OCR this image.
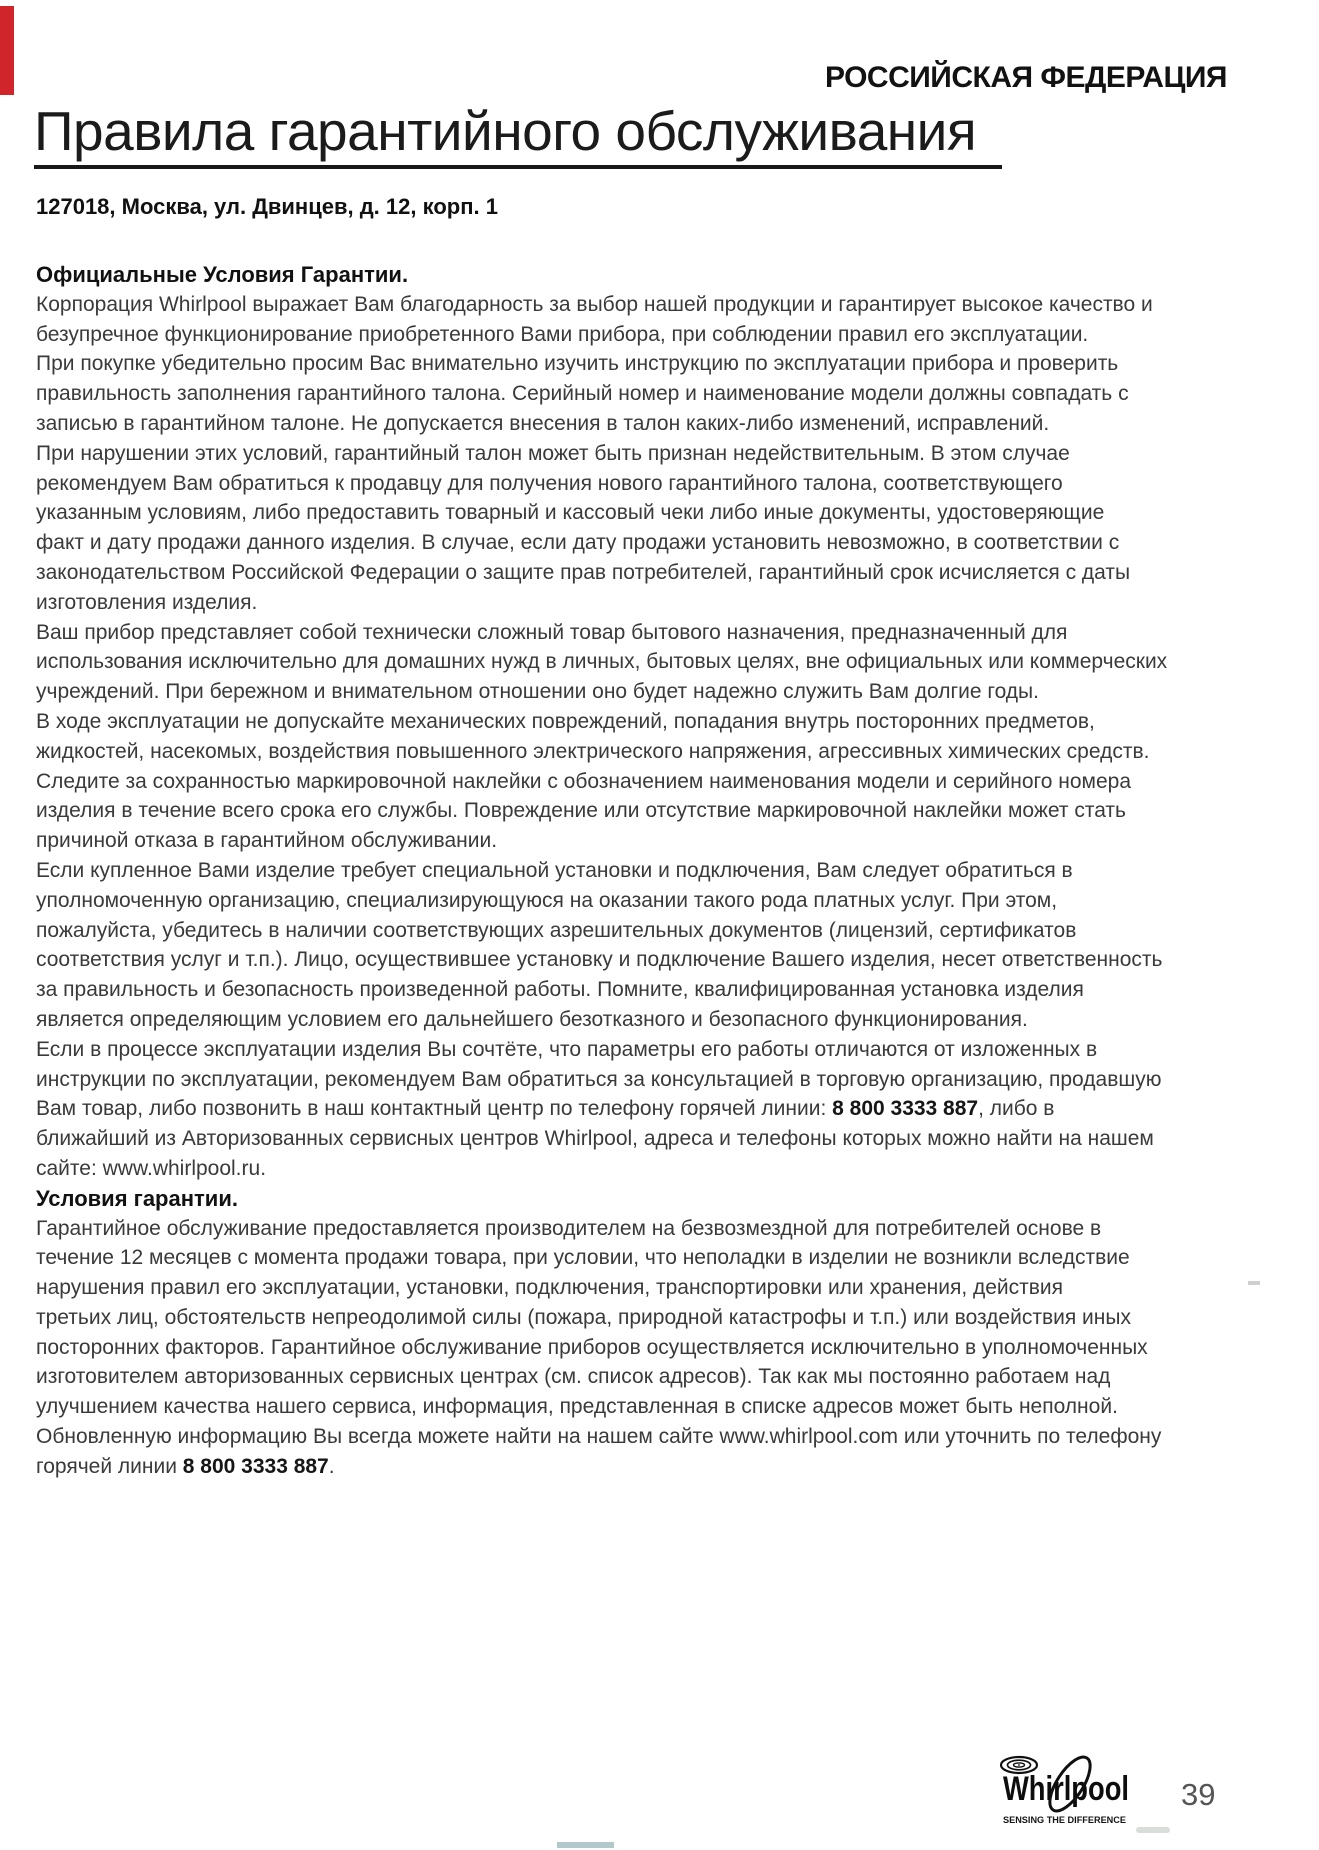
РОССИЙСКАЯ ФЕДЕРАЦИЯ
Правила гарантийного обслуживания
127018, Москва, ул. Двинцев, д. 12, корп. 1
Официальные Условия Гарантии.
Корпорация Whirlpool выражает Вам благодарность за выбор нашей продукции и гарантирует высокое качество и
безупречное функционирование приобретенного Вами прибора, при соблюдении правил его эксплуатации.
При покупке убедительно просим Вас внимательно изучить инструкцию по эксплуатации прибора и проверить
правильность заполнения гарантийного талона. Серийный номер и наименование модели должны совпадать с
записью в гарантийном талоне. Не допускается внесения в талон каких-либо изменений, исправлений.
При нарушении этих условий, гарантийный талон может быть признан недействительным. В этом случае
рекомендуем Вам обратиться к продавцу для получения нового гарантийного талона, соответствующего
указанным условиям, либо предоставить товарный и кассовый чеки либо иные документы, удостоверяющие
факт и дату продажи данного изделия. В случае, если дату продажи установить невозможно, в соответствии с
законодательством Российской Федерации о защите прав потребителей, гарантийный срок исчисляется с даты
изготовления изделия.
Ваш прибор представляет собой технически сложный товар бытового назначения, предназначенный для
использования исключительно для домашних нужд в личных, бытовых целях, вне официальных или коммерческих
учреждений. При бережном и внимательном отношении оно будет надежно служить Вам долгие годы.
В ходе эксплуатации не допускайте механических повреждений, попадания внутрь посторонних предметов,
жидкостей, насекомых, воздействия повышенного электрического напряжения, агрессивных химических средств.
Следите за сохранностью маркировочной наклейки с обозначением наименования модели и серийного номера
изделия в течение всего срока его службы. Повреждение или отсутствие маркировочной наклейки может стать
причиной отказа в гарантийном обслуживании.
Если купленное Вами изделие требует специальной установки и подключения, Вам следует обратиться в
уполномоченную организацию, специализирующуюся на оказании такого рода платных услуг. При этом,
пожалуйста, убедитесь в наличии соответствующих азрешительных документов (лицензий, сертификатов
соответствия услуг и т.п.). Лицо, осуществившее установку и подключение Вашего изделия, несет ответственность
за правильность и безопасность произведенной работы. Помните, квалифицированная установка изделия
является определяющим условием его дальнейшего безотказного и безопасного функционирования.
Если в процессе эксплуатации изделия Вы сочтёте, что параметры его работы отличаются от изложенных в
инструкции по эксплуатации, рекомендуем Вам обратиться за консультацией в торговую организацию, продавшую
Вам товар, либо позвонить в наш контактный центр по телефону горячей линии: 8 800 3333 887, либо в
ближайший из Авторизованных сервисных центров Whirlpool, адреса и телефоны которых можно найти на нашем
сайте: www.whirlpool.ru.
Условия гарантии.
Гарантийное обслуживание предоставляется производителем на безвозмездной для потребителей основе в
течение 12 месяцев с момента продажи товара, при условии, что неполадки в изделии не возникли вследствие
нарушения правил его эксплуатации, установки, подключения, транспортировки или хранения, действия
третьих лиц, обстоятельств непреодолимой силы (пожара, природной катастрофы и т.п.) или воздействия иных
посторонних факторов. Гарантийное обслуживание приборов осуществляется исключительно в уполномоченных
изготовителем авторизованных сервисных центрах (см. список адресов). Так как мы постоянно работаем над
улучшением качества нашего сервиса, информация, представленная в списке адресов может быть неполной.
Обновленную информацию Вы всегда можете найти на нашем сайте www.whirlpool.com или уточнить по телефону
горячей линии 8 800 3333 887.
Whirlpool
SENSING THE DIFFERENCE
39
